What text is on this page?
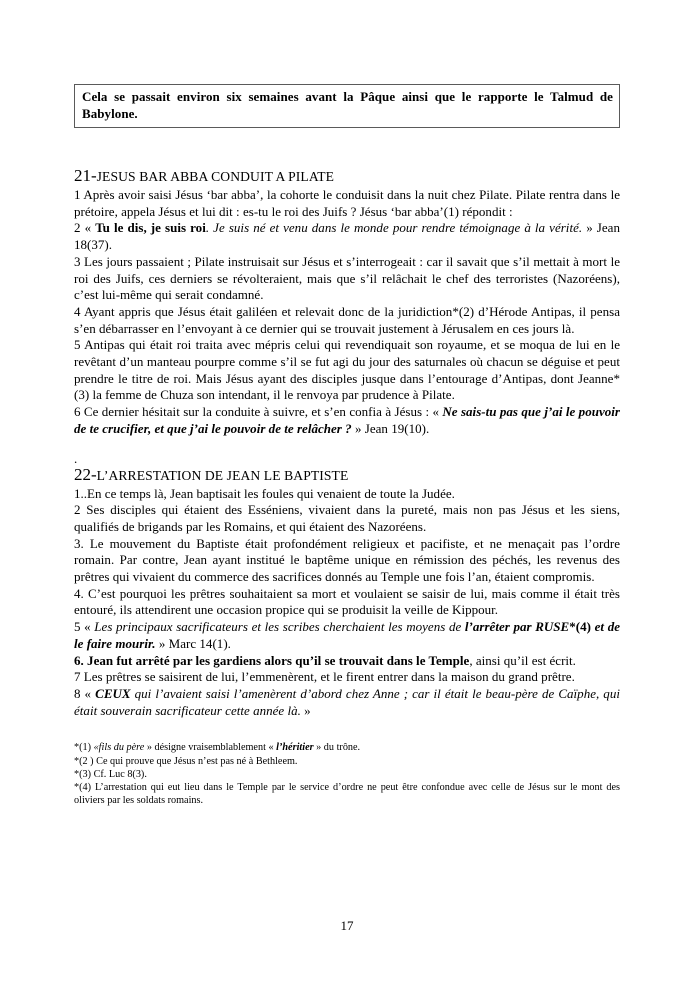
Cela se passait environ six semaines avant la Pâque ainsi que le rapporte le Talmud de Babylone.
21-JESUS BAR ABBA CONDUIT A PILATE

1 Après avoir saisi Jésus ‘bar abba’, la cohorte le conduisit dans la nuit chez Pilate. Pilate rentra dans le prétoire, appela Jésus et lui dit : es-tu le roi des Juifs ? Jésus ‘bar abba’(1) répondit :

2 « Tu le dis, je suis roi. Je suis né et venu dans le monde pour rendre témoignage à la vérité. » Jean 18(37).

3 Les jours passaient ; Pilate instruisait sur Jésus et s’interrogeait : car il savait que s’il mettait à mort le roi des Juifs, ces derniers se révolteraient, mais que s’il relâchait le chef des terroristes (Nazoréens), c’est lui-même qui serait condamné.

4 Ayant appris que Jésus était galiléen et relevait donc de la juridiction*(2) d’Hérode Antipas, il pensa s’en débarrasser en l’envoyant à ce dernier qui se trouvait justement à Jérusalem en ces jours là.

5 Antipas qui était roi traita avec mépris celui qui revendiquait son royaume, et se moqua de lui en le revêtant d’un manteau pourpre comme s’il se fut agi du jour des saturnales où chacun se déguise et peut prendre le titre de roi. Mais Jésus ayant des disciples jusque dans l’entourage d’Antipas, dont Jeanne*(3) la femme de Chuza son intendant, il le renvoya par prudence à Pilate.

6 Ce dernier hésitait sur la conduite à suivre, et s’en confia à Jésus : « Ne sais-tu pas que j’ai le pouvoir de te crucifier, et que j’ai le pouvoir de te relâcher ? » Jean 19(10).

.

22-L’ARRESTATION DE JEAN LE BAPTISTE

1..En ce temps là, Jean baptisait les foules qui venaient de toute la Judée.

2 Ses disciples qui étaient des Esséniens, vivaient dans la pureté, mais non pas Jésus et les siens, qualifiés de brigands par les Romains, et qui étaient des Nazoréens.

3. Le mouvement du Baptiste était profondément religieux et pacifiste, et ne menaçait pas l’ordre romain. Par contre, Jean ayant institué le baptême unique en rémission des péchés, les revenus des prêtres qui vivaient du commerce des sacrifices donnés au Temple une fois l’an, étaient compromis.

4. C’est pourquoi les prêtres souhaitaient sa mort et voulaient se saisir de lui, mais comme il était très entouré, ils attendirent une occasion propice qui se produisit la veille de Kippour.

5 « Les principaux sacrificateurs et les scribes cherchaient les moyens de l’arrêter par RUSE*(4) et de le faire mourir. » Marc 14(1).

6. Jean fut arrêté par les gardiens alors qu’il se trouvait dans le Temple, ainsi qu’il est écrit.

7 Les prêtres se saisirent de lui, l’emmenèrent, et le firent entrer dans la maison du grand prêtre.

8 « CEUX qui l’avaient saisi l’amenèrent d’abord chez Anne ; car il était le beau-père de Caïphe, qui était souverain sacrificateur cette année là. »

*(1) «fils du père » désigne vraisemblablement « l’héritier » du trône.

*(2 ) Ce qui prouve que Jésus n’est pas né à Bethleem.

*(3) Cf. Luc 8(3).

*(4) L’arrestation qui eut lieu dans le Temple par le service d’ordre ne peut être confondue avec celle de Jésus sur le mont des oliviers par les soldats romains.

17
